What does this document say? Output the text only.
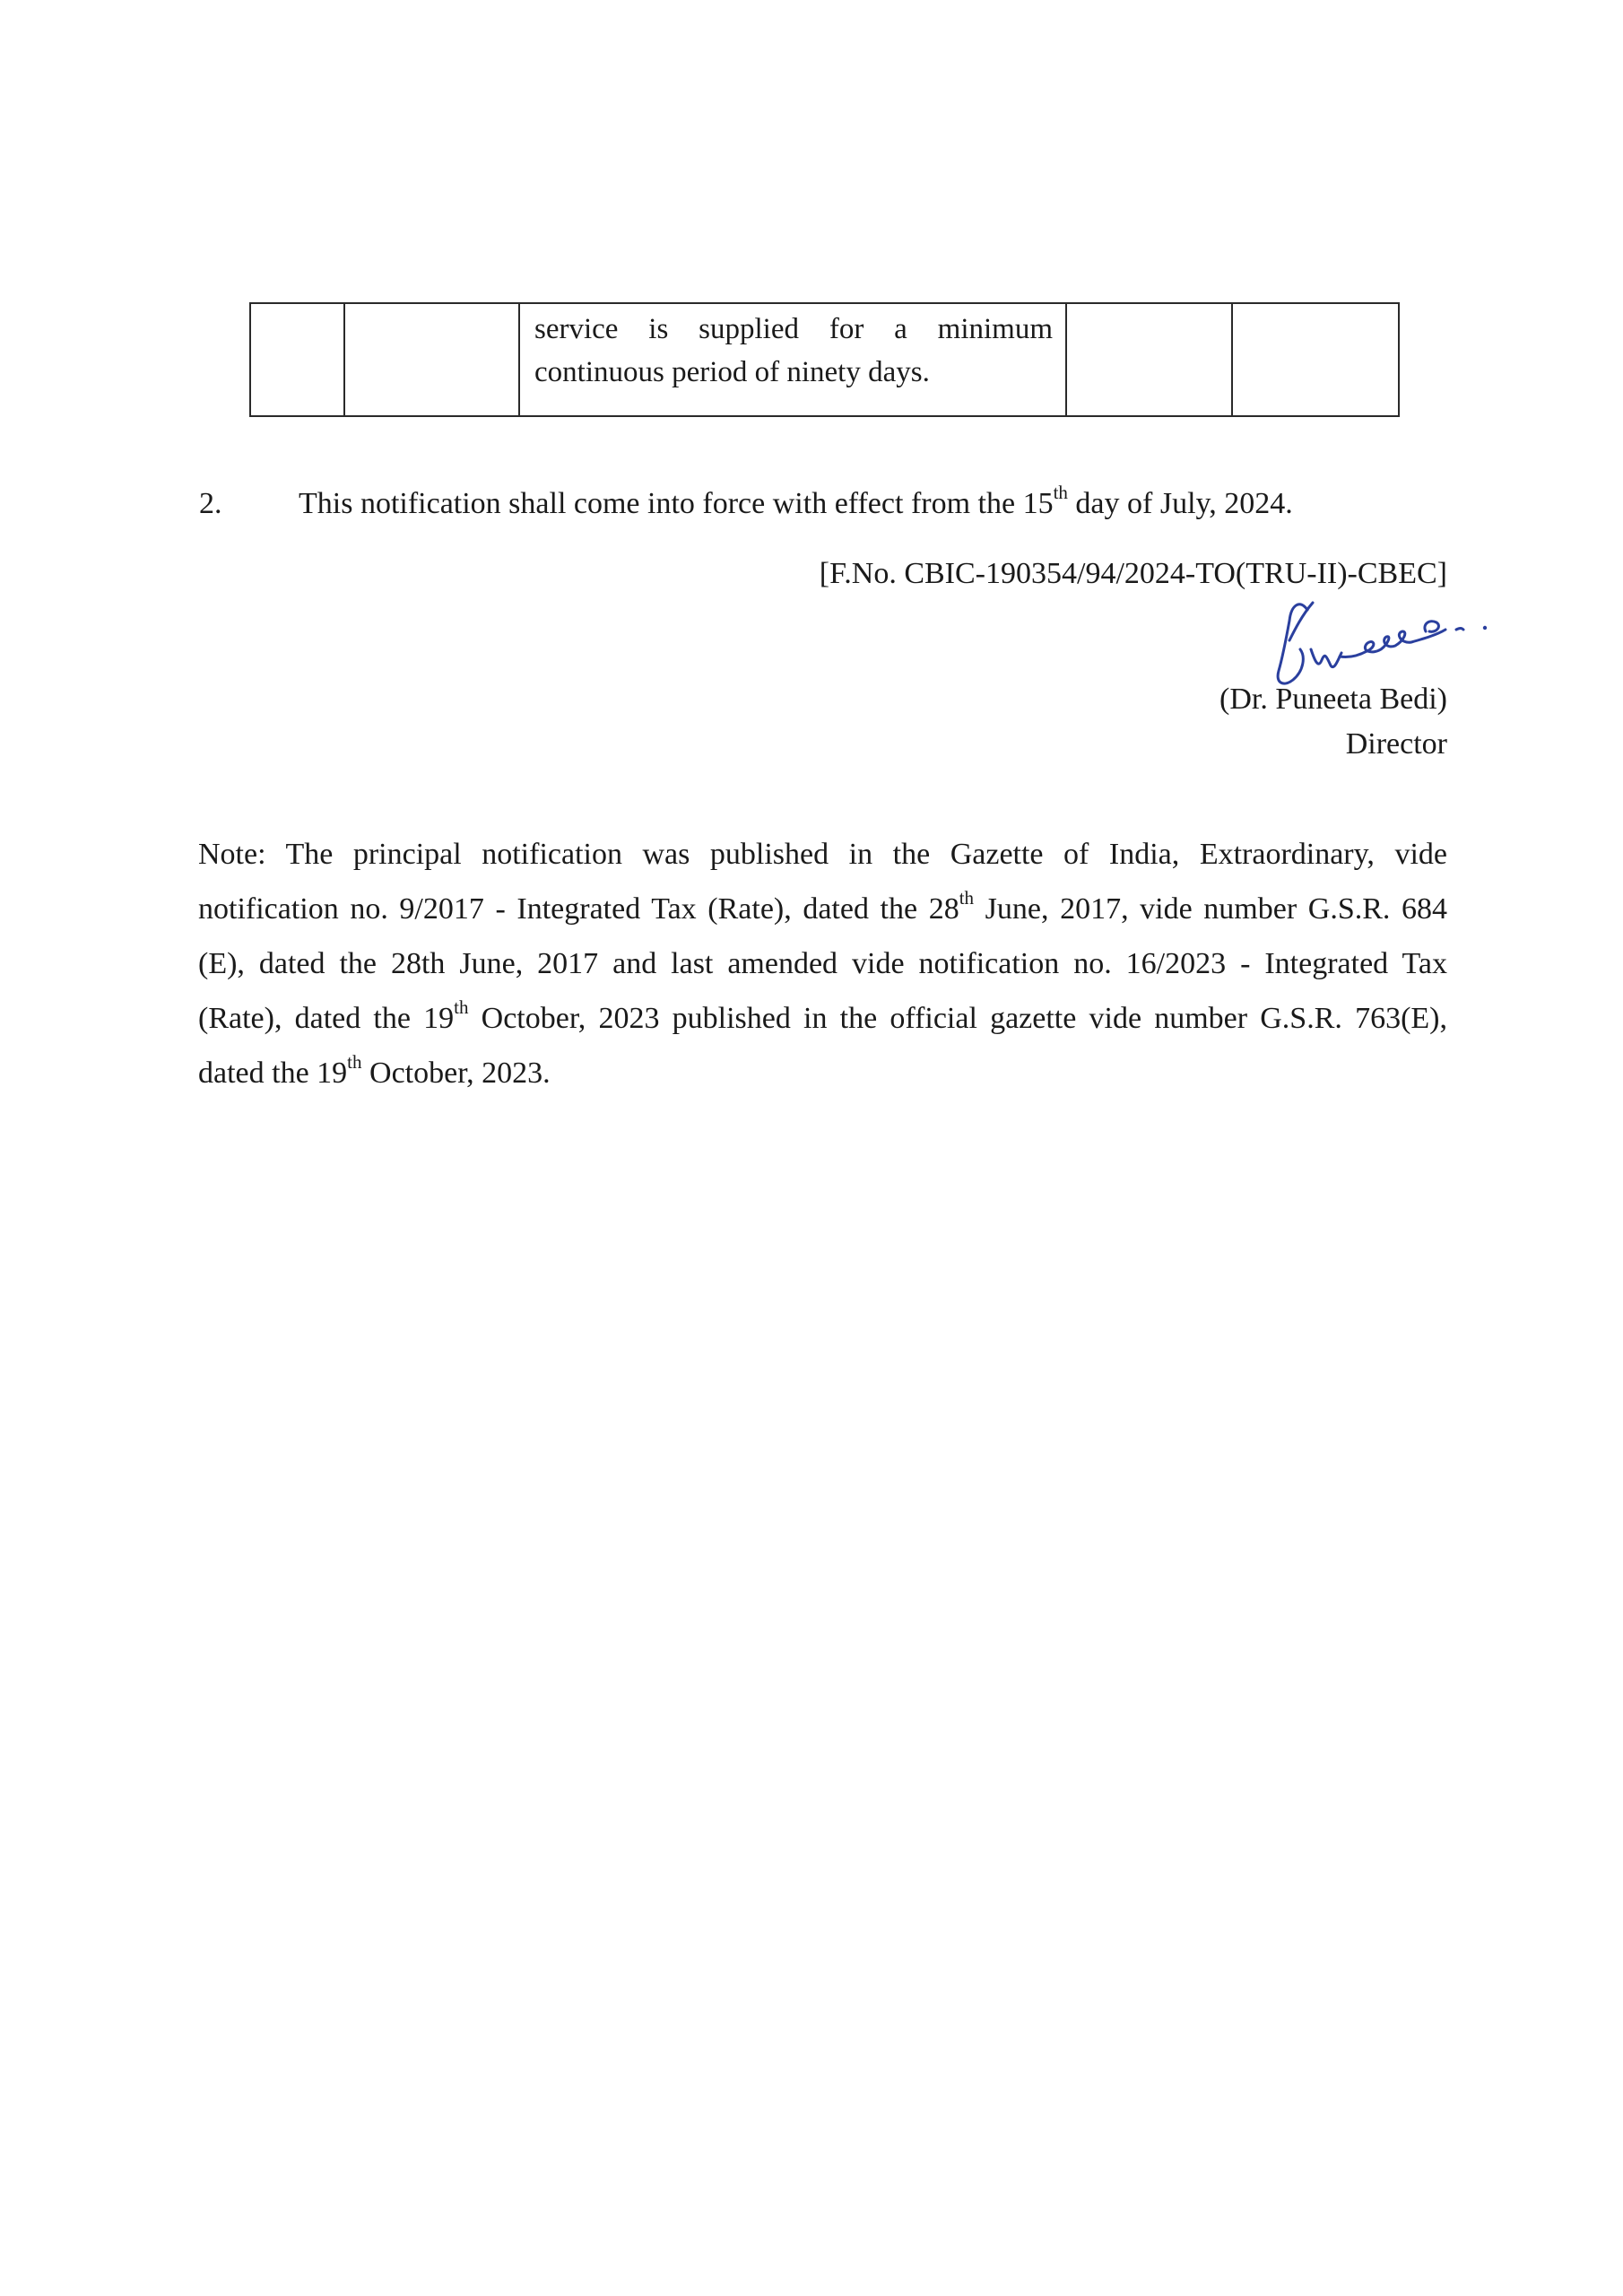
service is supplied for a minimum
continuous period of ninety days.

2.	This notification shall come into force with effect from the 15th day of July, 2024.
[F.No. CBIC-190354/94/2024-TO(TRU-II)-CBEC]
(Dr. Puneeta Bedi)
Director
Note: The principal notification was published in the Gazette of India, Extraordinary, vide
notification no. 9/2017 - Integrated Tax (Rate), dated the 28th June, 2017, vide number G.S.R. 684
(E), dated the 28th June, 2017 and last amended vide notification no. 16/2023 - Integrated Tax
(Rate), dated the 19th October, 2023 published in the official gazette vide number G.S.R. 763(E),
dated the 19th October, 2023.
